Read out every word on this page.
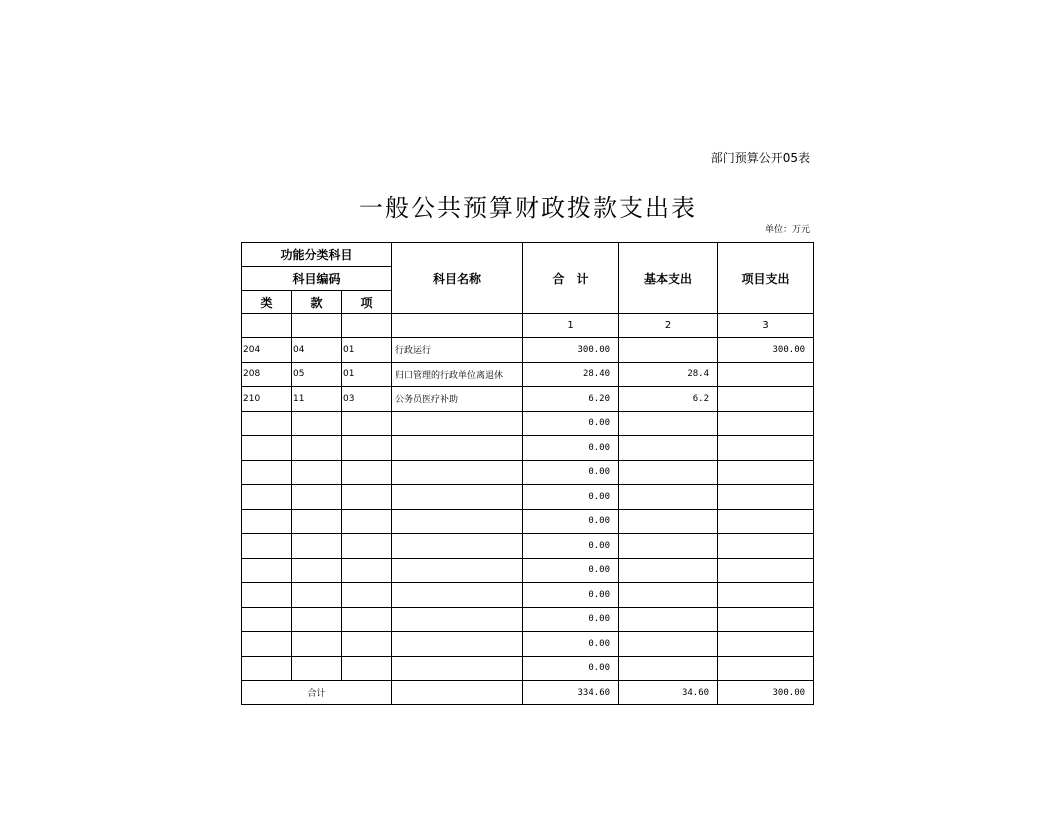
部门预算公开05表
一般公共预算财政拨款支出表
单位：万元
功能分类科目			科目名称	合　计	基本支出	项目支出
科目编码						
类	款	项				
				1	2	3
204	04	01	行政运行	300.00		300.00
208	05	01	归口管理的行政单位离退休	28.40	28.4	
210	11	03	公务员医疗补助	6.20	6.2	
				0.00		
				0.00		
				0.00		
				0.00		
				0.00		
				0.00		
				0.00		
				0.00		
				0.00		
				0.00		
				0.00		
合计				334.60	34.60	300.00
